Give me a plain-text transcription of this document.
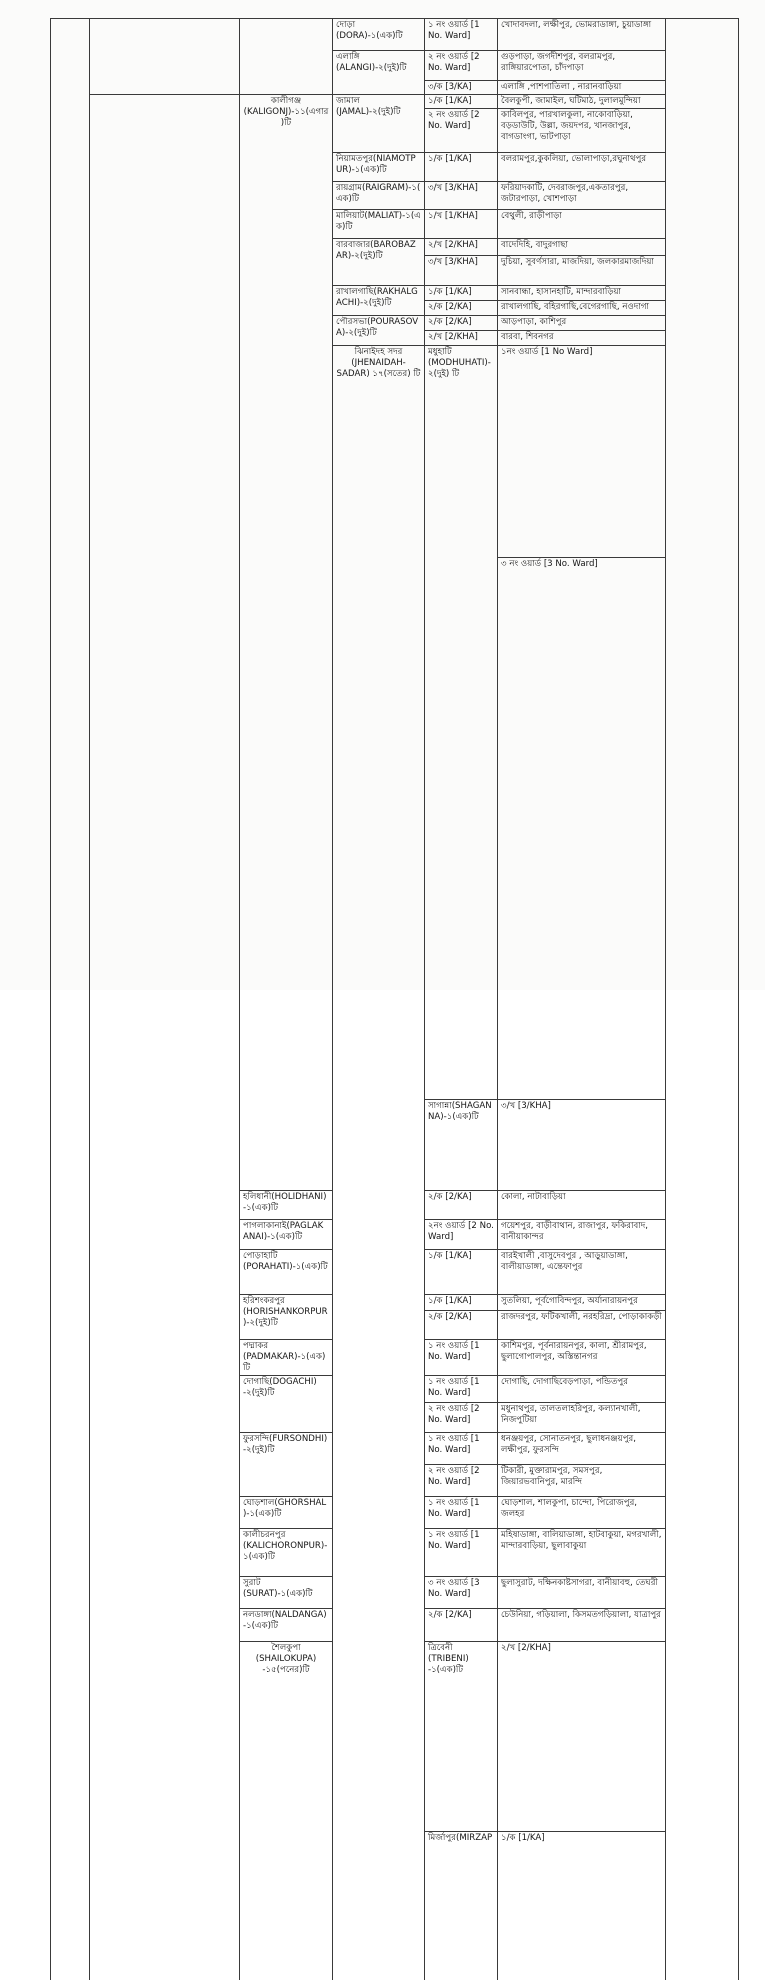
			দোড়া (DORA)-১(এক)টি	১ নং ওয়ার্ড [1 No. Ward]	খোদাবদলা, লক্ষীপুর, ভোমরাডাঙ্গা, চুয়াডাঙ্গা		
			এলাঙ্গি (ALANGI)-২(দুই)টি	২ নং ওয়ার্ড [2 No. Ward]	গুড়পাড়া, জগদীশপুর, বলরামপুর, রাঙ্গিয়ারপোতা, চাঁদপাড়া		
				৩/ক [3/KA]	এলাঙ্গি ,পাশপাতিলা , নারানবাড়িয়া		
		কালীগঞ্জ (KALIGONJ)-১১(এগার)টি	জামাল (JAMAL)-২(দুই)টি	১/ক [1/KA]	বৈলকুপী, জামাইল, ঘটিমাঠ, দুলালমুন্দিয়া		
				২ নং ওয়ার্ড [2 No. Ward]	কাবিলপুর, পারখালকুলা, নাকোবাড়িয়া, বড়ডাউটি, উল্লা, জয়দপর, খানজাপুর, বাগডাংগা, ভাটপাড়া		
			নিয়ামতপুর(NIAMOTPUR)-১(এক)টি	১/ক [1/KA]	বলরামপুর,কুকলিয়া, ভোলাপাড়া,রঘুনাথপুর		
			রায়গ্রাম(RAIGRAM)-১(এক)টি	৩/খ [3/KHA]	ফরিয়াদকাটি, দেবরাজপুর,একতারপুর, জটারপাড়া, খোশপাড়া		
			মালিয়াট(MALIAT)-১(এক)টি	১/খ [1/KHA]	বেথুলী, রাড়ীপাড়া		
			বারবাজার(BAROBAZAR)-২(দুই)টি	২/খ [2/KHA]	বাদেদিহি, বাদুরগাছা		
				৩/খ [3/KHA]	দুচিয়া, সুবর্ণসারা, মাজদিয়া, জলকারমাজদিয়া		
			রাখালগাছি(RAKHALGACHI)-২(দুই)টি	১/ক [1/KA]	সানবান্ধা, হাসানহাটি, মান্দারবাড়িয়া		
				২/ক [2/KA]	রাখালগাছি, বহিরগাছি,বেগেরগাছি, নওদাগা		
			পৌরসভা(POURASOVA)-২(দুই)টি	২/ক [2/KA]	আড়পাড়া, কাশিপুর		
				২/খ [2/KHA]	বারবা, শিবনগর		
			ঝিনাইদহ সদর (JHENAIDAH-SADAR) ১৭(সতের) টি	মধুহাটি (MODHUHATI)-২(দুই) টি	১নং ওয়ার্ড [1 No Ward]	
					৩ নং ওয়ার্ড [3 No. Ward]	
				সাগান্না(SHAGANNA)-১(এক)টি	৩/খ [3/KHA]	
		হলিধানী(HOLIDHANI)-১(এক)টি		২/ক [2/KA]	কোলা, নাটাবাড়িয়া		
		পাগলাকানাই(PAGLAKANAI)-১(এক)টি		২নং ওয়ার্ড [2 No. Ward]	গয়েশপুর, বাড়ীবাথান, রাজাপুর, ফকিরাবাদ, বানীয়াকান্দর		
		পোড়াহাটি (PORAHATI)-১(এক)টি		১/ক [1/KA]	বারইখালী ,বাসুদেবপুর , আড়ুয়াডাঙ্গা, বালীয়াডাঙ্গা, এন্তেফাপুর		
		হরিশংকরপুর (HORISHANKORPUR)-২(দুই)টি		১/ক [1/KA]	সুতলিয়া, পূর্বগোবিন্দপুর, অর্যানারায়নপুর		
				২/ক [2/KA]	রাজদরপুর, ফটিকখালী, নরহরিদ্রা, পোড়াকাকড়ী		
		পদ্মাকর (PADMAKAR)-১(এক)টি		১ নং ওয়ার্ড [1 No. Ward]	কাশিমপুর, পূর্বনারায়নপুর, কালা, শ্রীরামপুর, ছুলাগোপালপুর, অস্তিন্তানগর		
		দোগাছি(DOGACHI) -২(দুই)টি		১ নং ওয়ার্ড [1 No. Ward]	দোগাছি, দোগাছিবেড়পাড়া, পন্ডিতপুর		
				২ নং ওয়ার্ড [2 No. Ward]	মধুনাথপুর, তালতলাহরিপুর, কল্যানখালী, নিজপুটিয়া		
		ফুরসন্দি(FURSONDHI)-২(দুই)টি		১ নং ওয়ার্ড [1 No. Ward]	ধনঞ্জয়পুর, সোনাতনপুর, ছুলাধনঞ্জয়পুর, লক্ষীপুর, ফুরসন্দি		
				২ নং ওয়ার্ড [2 No. Ward]	টিকারী, মুক্তারামপুর, সমসপুর, জিয়ারভবানিপুর, মারন্দি		
		ঘোড়শাল(GHORSHAL)-১(এক)টি		১ নং ওয়ার্ড [1 No. Ward]	ঘোড়শাল, শালকুপা, চান্দো, পিরোজপুর, জলহর		
		কালীচরনপুর (KALICHORONPUR)-১(এক)টি		১ নং ওয়ার্ড [1 No. Ward]	মহিষাডাঙ্গা, বালিয়াডাঙ্গা, হাটবাকুয়া, মগরখালী, মান্দারবাড়িয়া, ছুলাবাকুয়া		
		সুরাট (SURAT)-১(এক)টি		৩ নং ওয়ার্ড [3 No. Ward]	ছুলাসুরাট, দক্ষিনকাষ্টসাগরা, বানীয়াবহু, তেঘরী		
		নলডাঙ্গা(NALDANGA)-১(এক)টি		২/ক [2/KA]	চেউনিয়া, গড়িয়ালা, কিসমতগড়িয়ালা, যাত্রাপুর		
		শৈলকুপা (SHAILOKUPA) -১৫(পনের)টি		ত্রিবেনী (TRIBENI) -১(এক)টি	২/খ [2/KHA]	
				মির্জাপুর(MIRZAP	১/ক [1/KA]	
